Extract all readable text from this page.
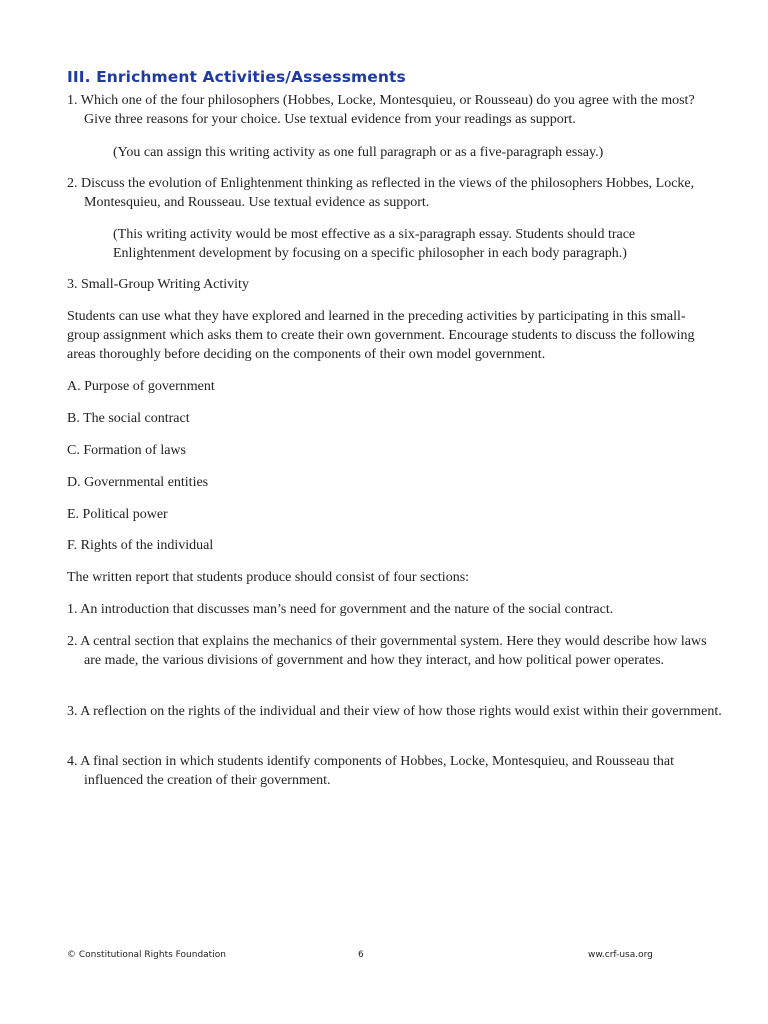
III. Enrichment Activities/Assessments

1. Which one of the four philosophers (Hobbes, Locke, Montesquieu, or Rousseau) do you agree with the most? Give three reasons for your choice. Use textual evidence from your readings as support.

(You can assign this writing activity as one full paragraph or as a five-paragraph essay.)

2. Discuss the evolution of Enlightenment thinking as reflected in the views of the philosophers Hobbes, Locke, Montesquieu, and Rousseau. Use textual evidence as support.

(This writing activity would be most effective as a six-paragraph essay. Students should trace Enlightenment development by focusing on a specific philosopher in each body paragraph.)

3. Small-Group Writing Activity

Students can use what they have explored and learned in the preceding activities by participating in this small-group assignment which asks them to create their own government. Encourage students to discuss the following areas thoroughly before deciding on the components of their own model government.

A. Purpose of government

B. The social contract

C. Formation of laws

D. Governmental entities

E. Political power

F. Rights of the individual

The written report that students produce should consist of four sections:

1. An introduction that discusses man’s need for government and the nature of the social contract.

2. A central section that explains the mechanics of their governmental system. Here they would describe how laws are made, the various divisions of government and how they interact, and how political power operates.

3. A reflection on the rights of the individual and their view of how those rights would exist within their government.

4. A final section in which students identify components of Hobbes, Locke, Montesquieu, and Rousseau that influenced the creation of their government.

© Constitutional Rights Foundation	6	ww.crf-usa.org
